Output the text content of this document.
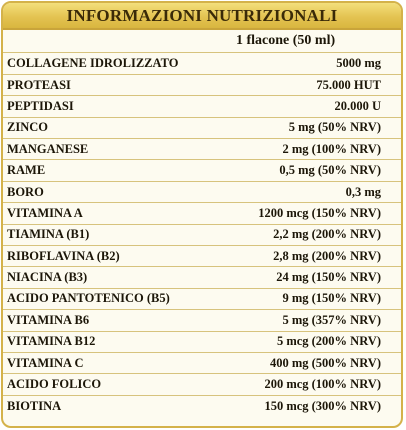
INFORMAZIONI NUTRIZIONALI
1 flacone (50 ml)
COLLAGENE IDROLIZZATO	5000 mg
PROTEASI	75.000 HUT
PEPTIDASI	20.000 U
ZINCO	5 mg (50% NRV)
MANGANESE	2 mg (100% NRV)
RAME	0,5 mg (50% NRV)
BORO	0,3 mg
VITAMINA A	1200 mcg (150% NRV)
TIAMINA (B1)	2,2 mg (200% NRV)
RIBOFLAVINA (B2)	2,8 mg (200% NRV)
NIACINA (B3)	24 mg (150% NRV)
ACIDO PANTOTENICO (B5)	9 mg (150% NRV)
VITAMINA B6	5 mg (357% NRV)
VITAMINA B12	5 mcg (200% NRV)
VITAMINA C	400 mg (500% NRV)
ACIDO FOLICO	200 mcg (100% NRV)
BIOTINA	150 mcg (300% NRV)
